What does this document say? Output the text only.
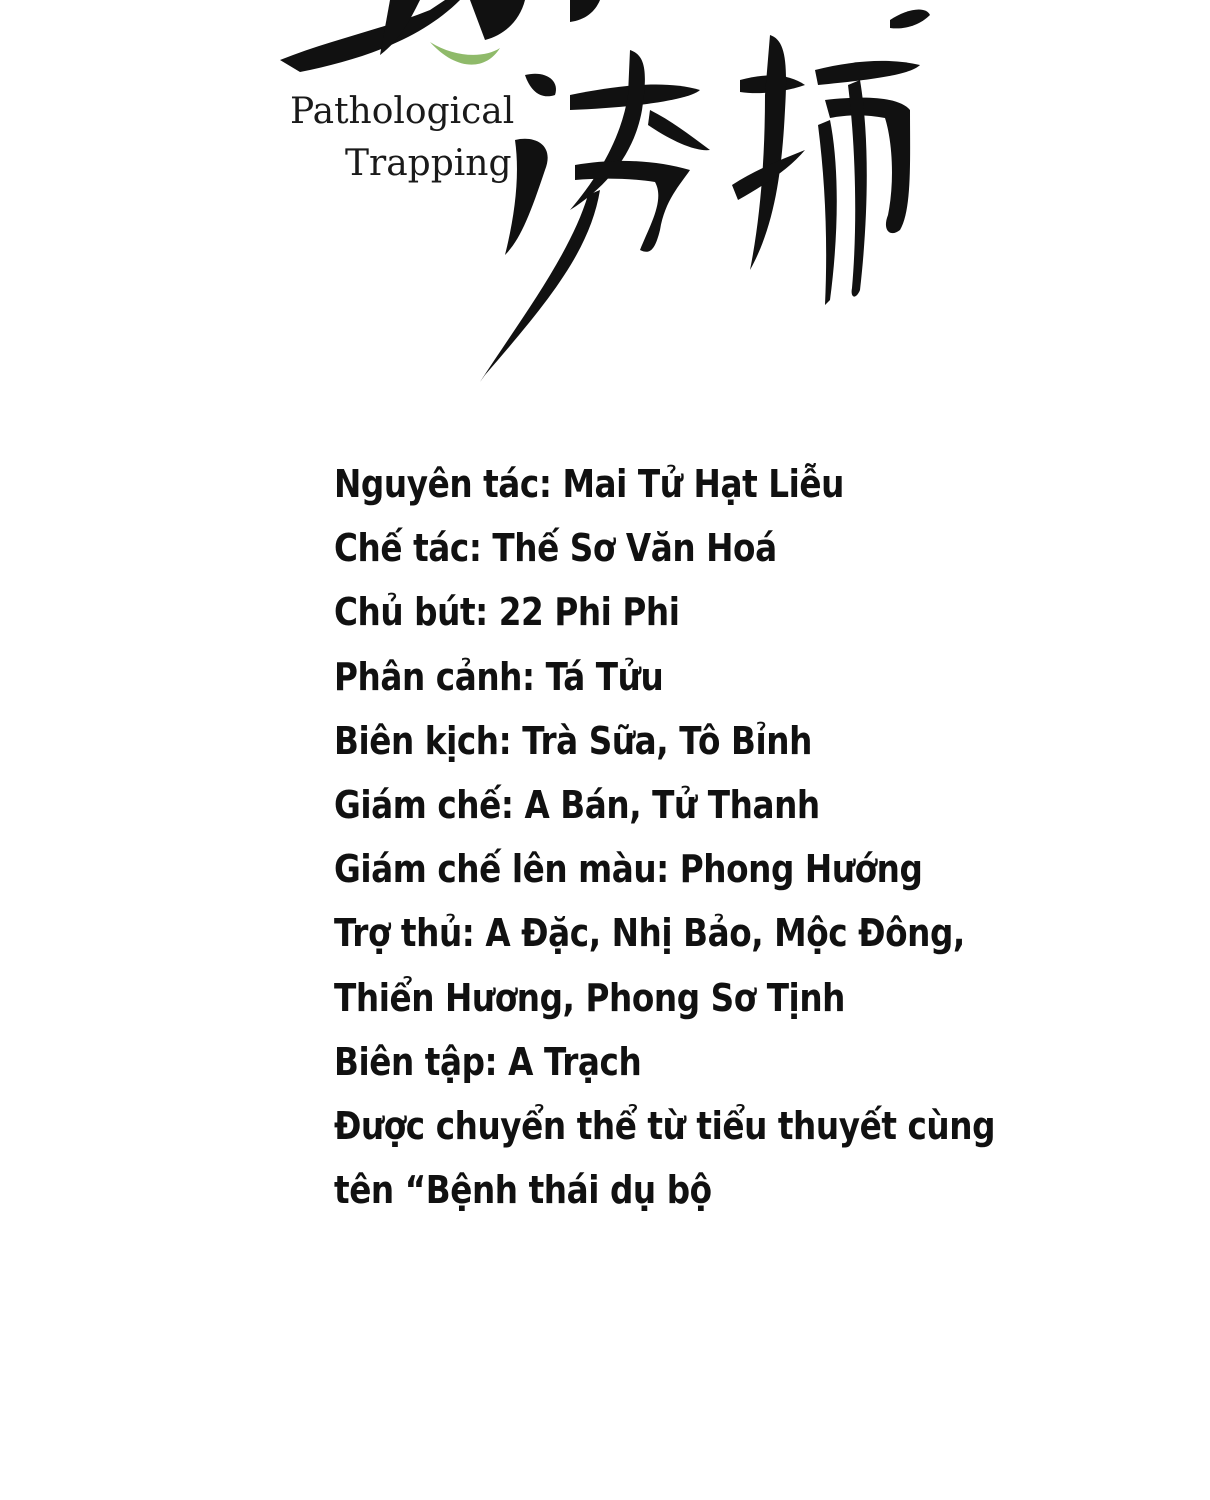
Pathological
Trapping
Nguyên tác: Mai Tử Hạt Liễu
Chế tác: Thế Sơ Văn Hoá
Chủ bút: 22 Phi Phi
Phân cảnh: Tá Tửu
Biên kịch: Trà Sữa, Tô Bỉnh
Giám chế: A Bán, Tử Thanh
Giám chế lên màu: Phong Hướng
Trợ thủ: A Đặc, Nhị Bảo, Mộc Đông,
Thiển Hương, Phong Sơ Tịnh
Biên tập: A Trạch
Được chuyển thể từ tiểu thuyết cùng
tên “Bệnh thái dụ bộ
